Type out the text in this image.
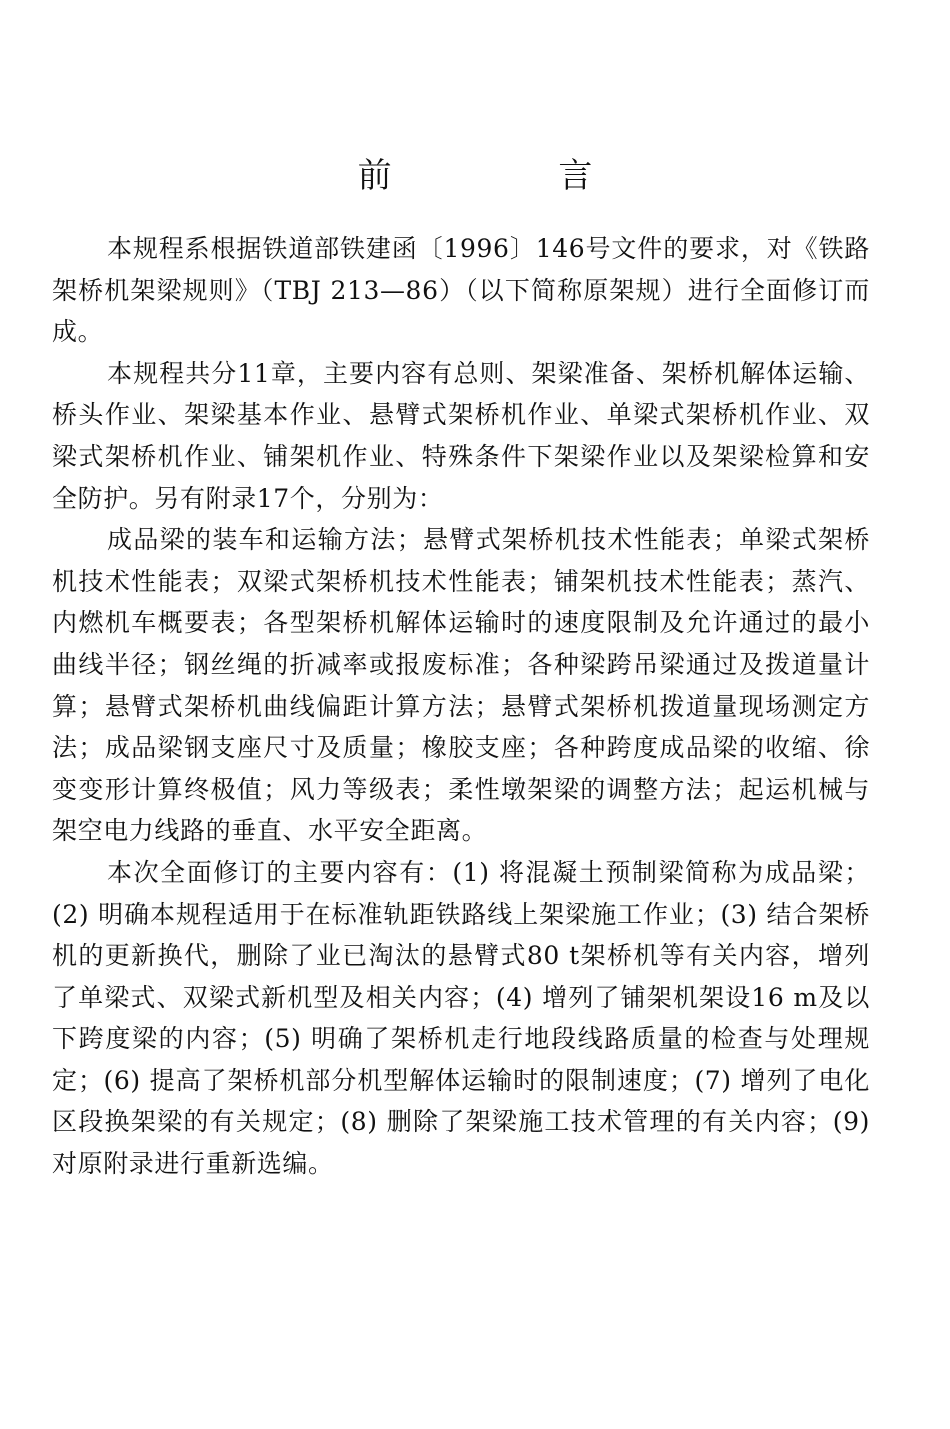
前 言

本规程系根据铁道部铁建函〔1996〕146号文件的要求，对《铁路架桥机架梁规则》（TBJ 213—86）（以下简称原架规）进行全面修订而成。

本规程共分11章，主要内容有总则、架梁准备、架桥机解体运输、桥头作业、架梁基本作业、悬臂式架桥机作业、单梁式架桥机作业、双梁式架桥机作业、铺架机作业、特殊条件下架梁作业以及架梁检算和安全防护。另有附录17个，分别为：

成品梁的装车和运输方法；悬臂式架桥机技术性能表；单梁式架桥机技术性能表；双梁式架桥机技术性能表；铺架机技术性能表；蒸汽、内燃机车概要表；各型架桥机解体运输时的速度限制及允许通过的最小曲线半径；钢丝绳的折减率或报废标准；各种梁跨吊梁通过及拨道量计算；悬臂式架桥机曲线偏距计算方法；悬臂式架桥机拨道量现场测定方法；成品梁钢支座尺寸及质量；橡胶支座；各种跨度成品梁的收缩、徐变变形计算终极值；风力等级表；柔性墩架梁的调整方法；起运机械与架空电力线路的垂直、水平安全距离。

本次全面修订的主要内容有：(1) 将混凝土预制梁简称为成品梁；(2) 明确本规程适用于在标准轨距铁路线上架梁施工作业；(3) 结合架桥机的更新换代，删除了业已淘汰的悬臂式80 t架桥机等有关内容，增列了单梁式、双梁式新机型及相关内容；(4) 增列了铺架机架设16 m及以下跨度梁的内容；(5) 明确了架桥机走行地段线路质量的检查与处理规定；(6) 提高了架桥机部分机型解体运输时的限制速度；(7) 增列了电化区段换架梁的有关规定；(8) 删除了架梁施工技术管理的有关内容；(9) 对原附录进行重新选编。
